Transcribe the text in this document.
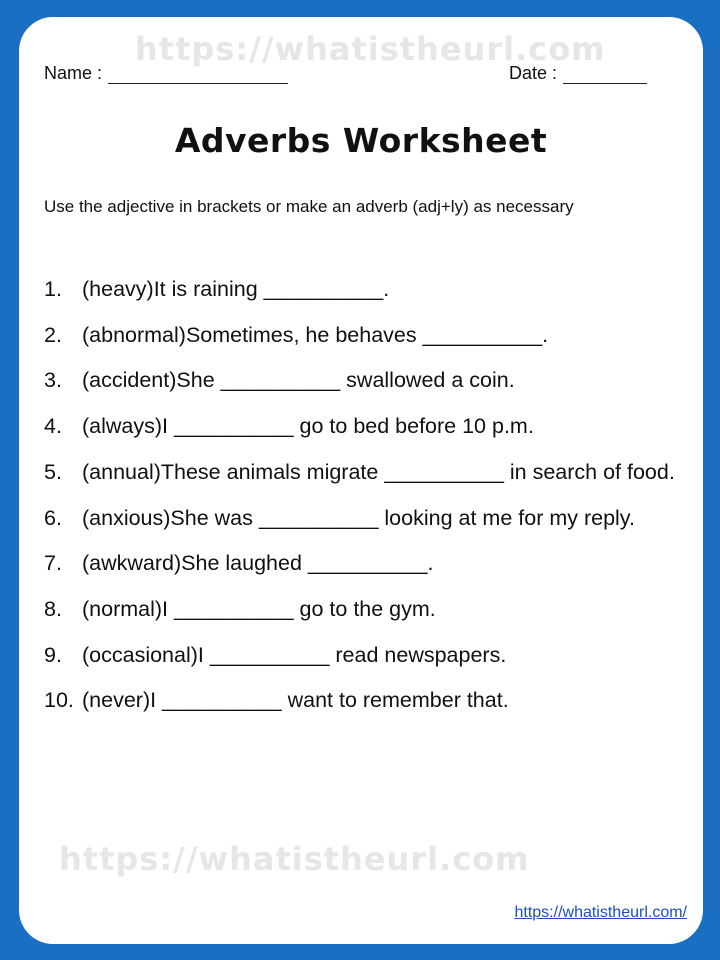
https://whatistheurl.com
Name :	Date :
Adverbs Worksheet
Use the adjective in brackets or make an adverb (adj+ly) as necessary
1. (heavy)It is raining __________.
2. (abnormal)Sometimes, he behaves __________.
3. (accident)She __________ swallowed a coin.
4. (always)I __________ go to bed before 10 p.m.
5. (annual)These animals migrate __________ in search of food.
6. (anxious)She was __________ looking at me for my reply.
7. (awkward)She laughed __________.
8. (normal)I __________ go to the gym.
9. (occasional)I __________ read newspapers.
10. (never)I __________ want to remember that.
https://whatistheurl.com
https://whatistheurl.com/
